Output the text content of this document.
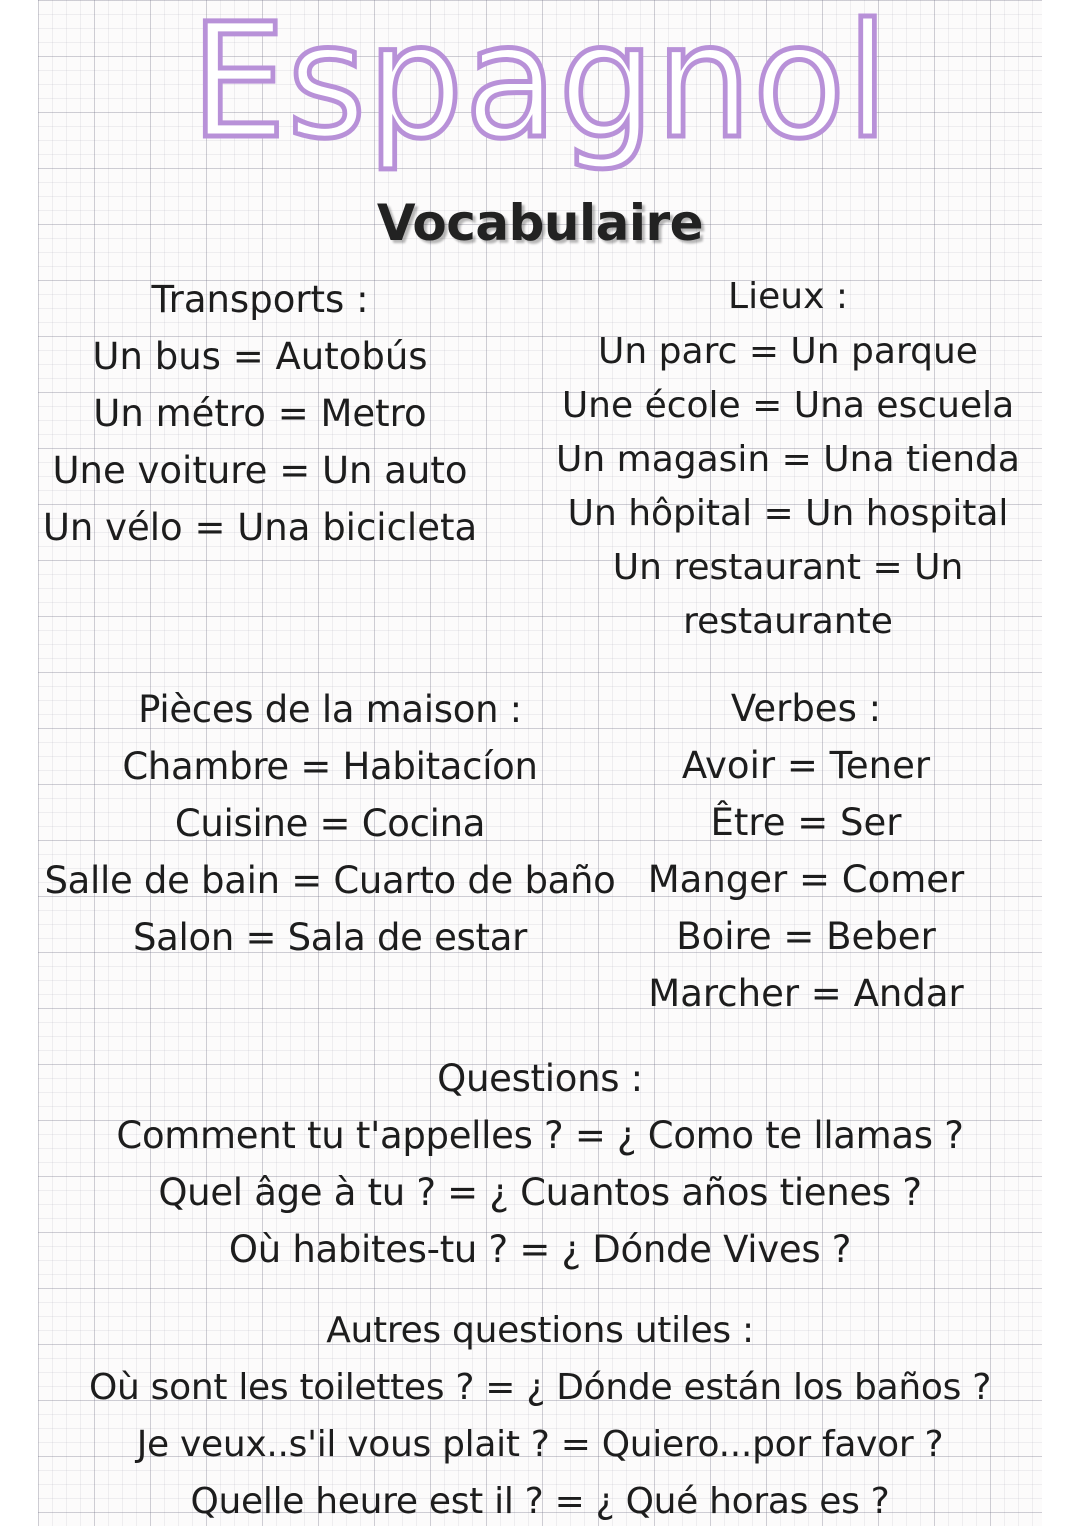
Espagnol
Vocabulaire
Transports :
Un bus = Autobús
Un métro = Metro
Une voiture = Un auto
Un vélo = Una bicicleta
Lieux :
Un parc = Un parque
Une école = Una escuela
Un magasin = Una tienda
Un hôpital = Un hospital
Un restaurant = Un
restaurante
Pièces de la maison :
Chambre = Habitacíon
Cuisine = Cocina
Salle de bain = Cuarto de baño
Salon = Sala de estar
Verbes :
Avoir = Tener
Être = Ser
Manger = Comer
Boire = Beber
Marcher = Andar
Questions :
Comment tu t'appelles ? = ¿ Como te llamas ?
Quel âge à tu ? = ¿ Cuantos años tienes ?
Où habites-tu ? = ¿ Dónde Vives ?
Autres questions utiles :
Où sont les toilettes ? = ¿ Dónde están los baños ?
Je veux..s'il vous plait ? = Quiero...por favor ?
Quelle heure est il ? = ¿ Qué horas es ?
